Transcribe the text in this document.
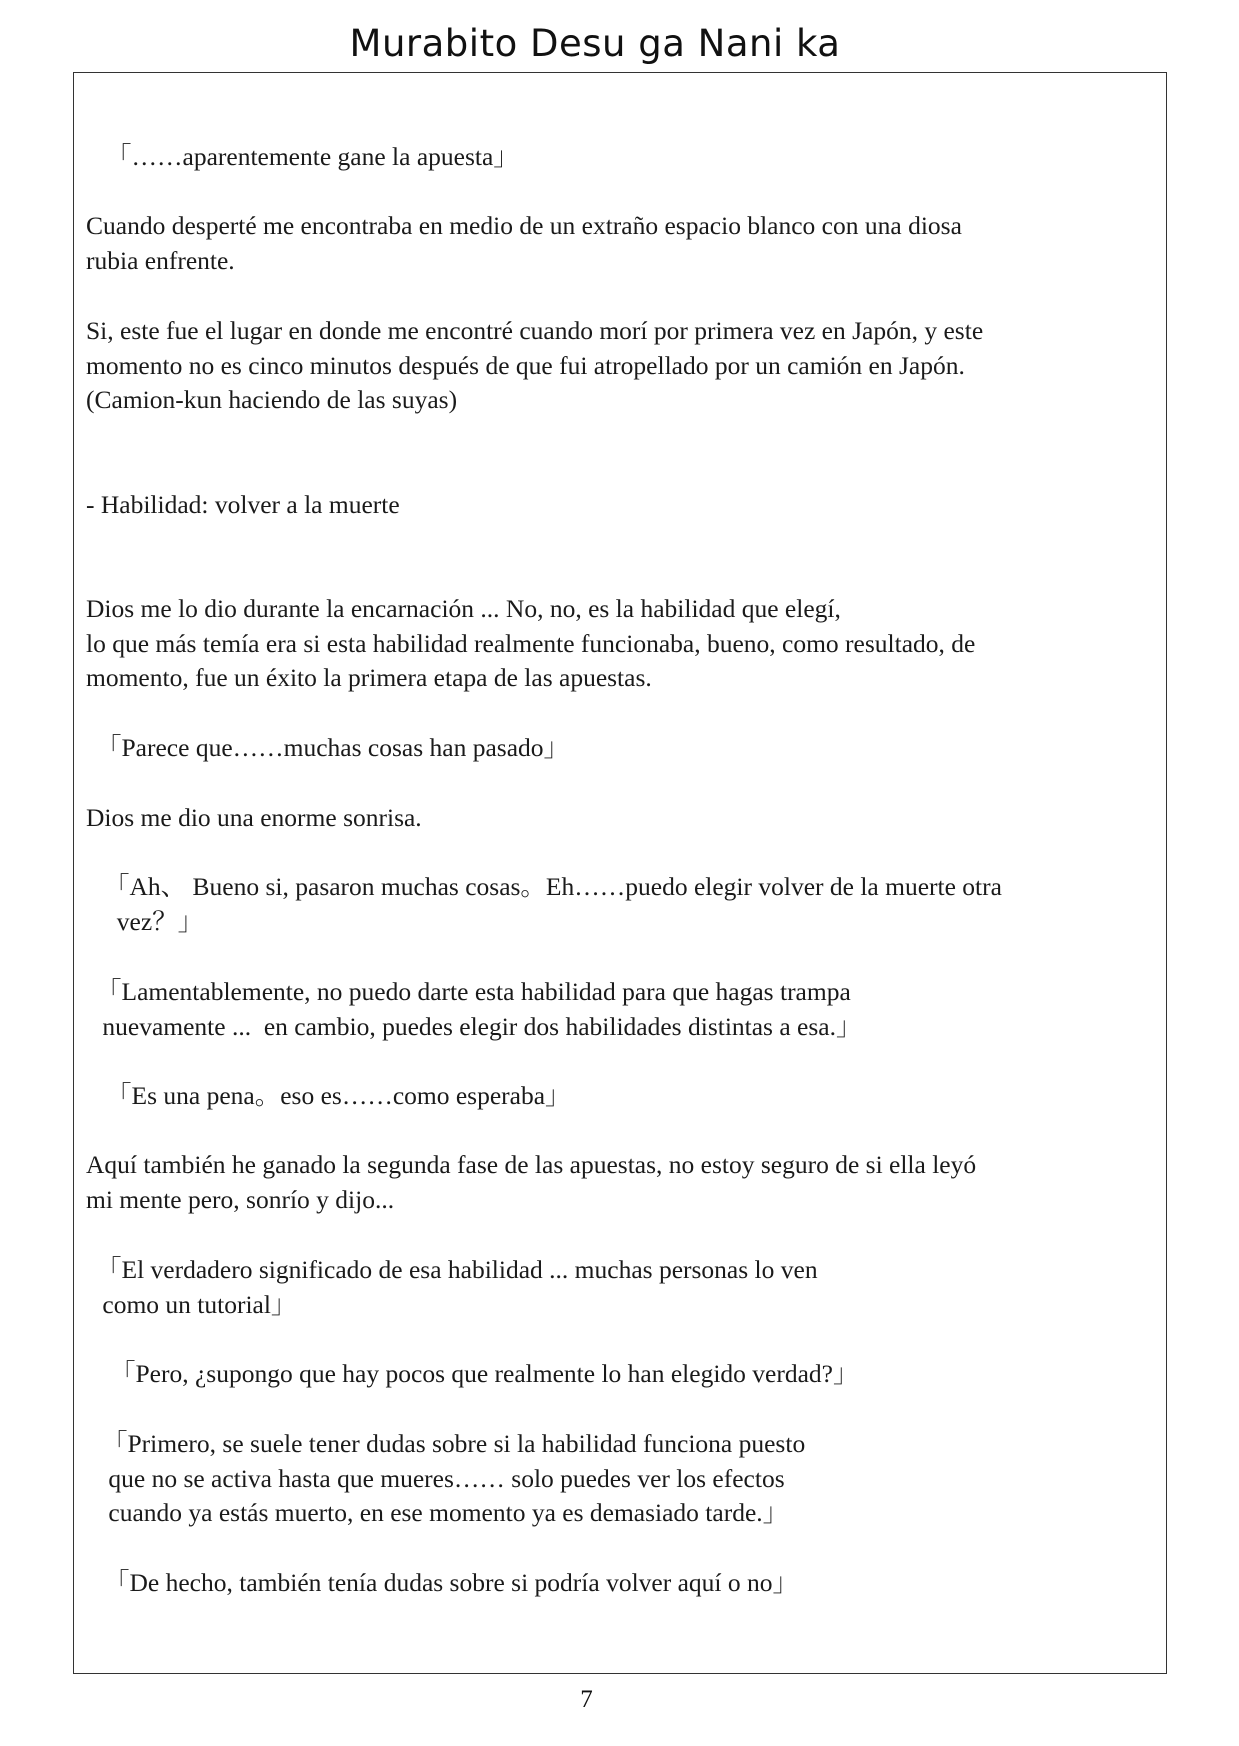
Murabito Desu ga Nani ka
「……aparentemente gane la apuesta」
Cuando desperté me encontraba en medio de un extraño espacio blanco con una diosa
rubia enfrente.
Si, este fue el lugar en donde me encontré cuando morí por primera vez en Japón, y este
momento no es cinco minutos después de que fui atropellado por un camión en Japón.
(Camion-kun haciendo de las suyas)
- Habilidad: volver a la muerte
Dios me lo dio durante la encarnación ... No, no, es la habilidad que elegí,
lo que más temía era si esta habilidad realmente funcionaba, bueno, como resultado, de
momento, fue un éxito la primera etapa de las apuestas.
「Parece que……muchas cosas han pasado」
Dios me dio una enorme sonrisa.
「Ah、 Bueno si, pasaron muchas cosas。Eh……puedo elegir volver de la muerte otra
vez？」
「Lamentablemente, no puedo darte esta habilidad para que hagas trampa
nuevamente ...  en cambio, puedes elegir dos habilidades distintas a esa.」
「Es una pena。eso es……como esperaba」
Aquí también he ganado la segunda fase de las apuestas, no estoy seguro de si ella leyó
mi mente pero, sonrío y dijo...
「El verdadero significado de esa habilidad ... muchas personas lo ven
como un tutorial」
「Pero, ¿supongo que hay pocos que realmente lo han elegido verdad?」
「Primero, se suele tener dudas sobre si la habilidad funciona puesto
que no se activa hasta que mueres…… solo puedes ver los efectos
cuando ya estás muerto, en ese momento ya es demasiado tarde.」
「De hecho, también tenía dudas sobre si podría volver aquí o no」
7
